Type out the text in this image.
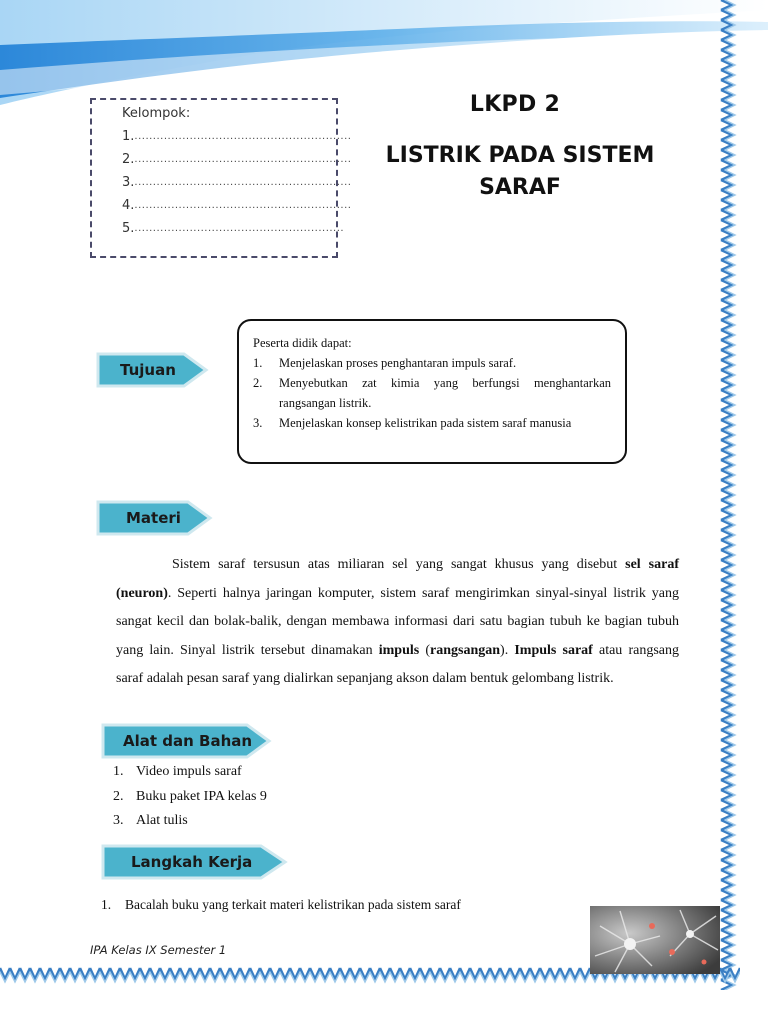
Kelompok:
1. ...........................................................
2. ...........................................................
3. ...........................................................
4. ...........................................................
5. .........................................................
LKPD 2
LISTRIK PADA SISTEM
SARAF
Tujuan
Peserta didik dapat:
1.	Menjelaskan proses penghantaran impuls saraf.
2.	Menyebutkan zat kimia yang berfungsi menghantarkan rangsangan listrik.
3.	Menjelaskan konsep kelistrikan pada sistem saraf manusia
Materi

Sistem saraf tersusun atas miliaran sel yang sangat khusus yang disebut sel saraf (neuron). Seperti halnya jaringan komputer, sistem saraf mengirimkan sinyal-sinyal listrik yang sangat kecil dan bolak-balik, dengan membawa informasi dari satu bagian tubuh ke bagian tubuh yang lain. Sinyal listrik tersebut dinamakan impuls (rangsangan). Impuls saraf atau rangsang saraf adalah pesan saraf yang dialirkan sepanjang akson dalam bentuk gelombang listrik.

Alat dan Bahan
1. Video impuls saraf
2. Buku paket IPA kelas 9
3. Alat tulis
Langkah Kerja
1.	Bacalah buku yang terkait materi kelistrikan pada sistem saraf
IPA Kelas IX Semester 1
